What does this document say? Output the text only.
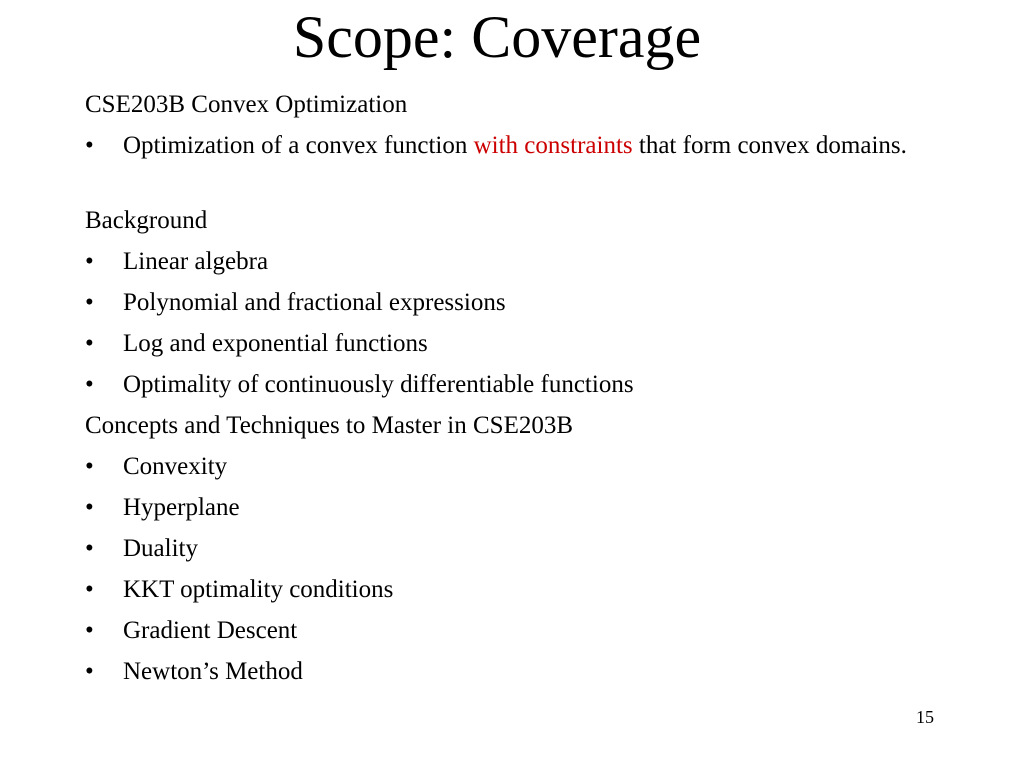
Scope: Coverage
CSE203B Convex Optimization
• Optimization of a convex function with constraints that form convex domains.
Background
• Linear algebra
• Polynomial and fractional expressions
• Log and exponential functions
• Optimality of continuously differentiable functions
Concepts and Techniques to Master in CSE203B
• Convexity
• Hyperplane
• Duality
• KKT optimality conditions
• Gradient Descent
• Newton’s Method
15
